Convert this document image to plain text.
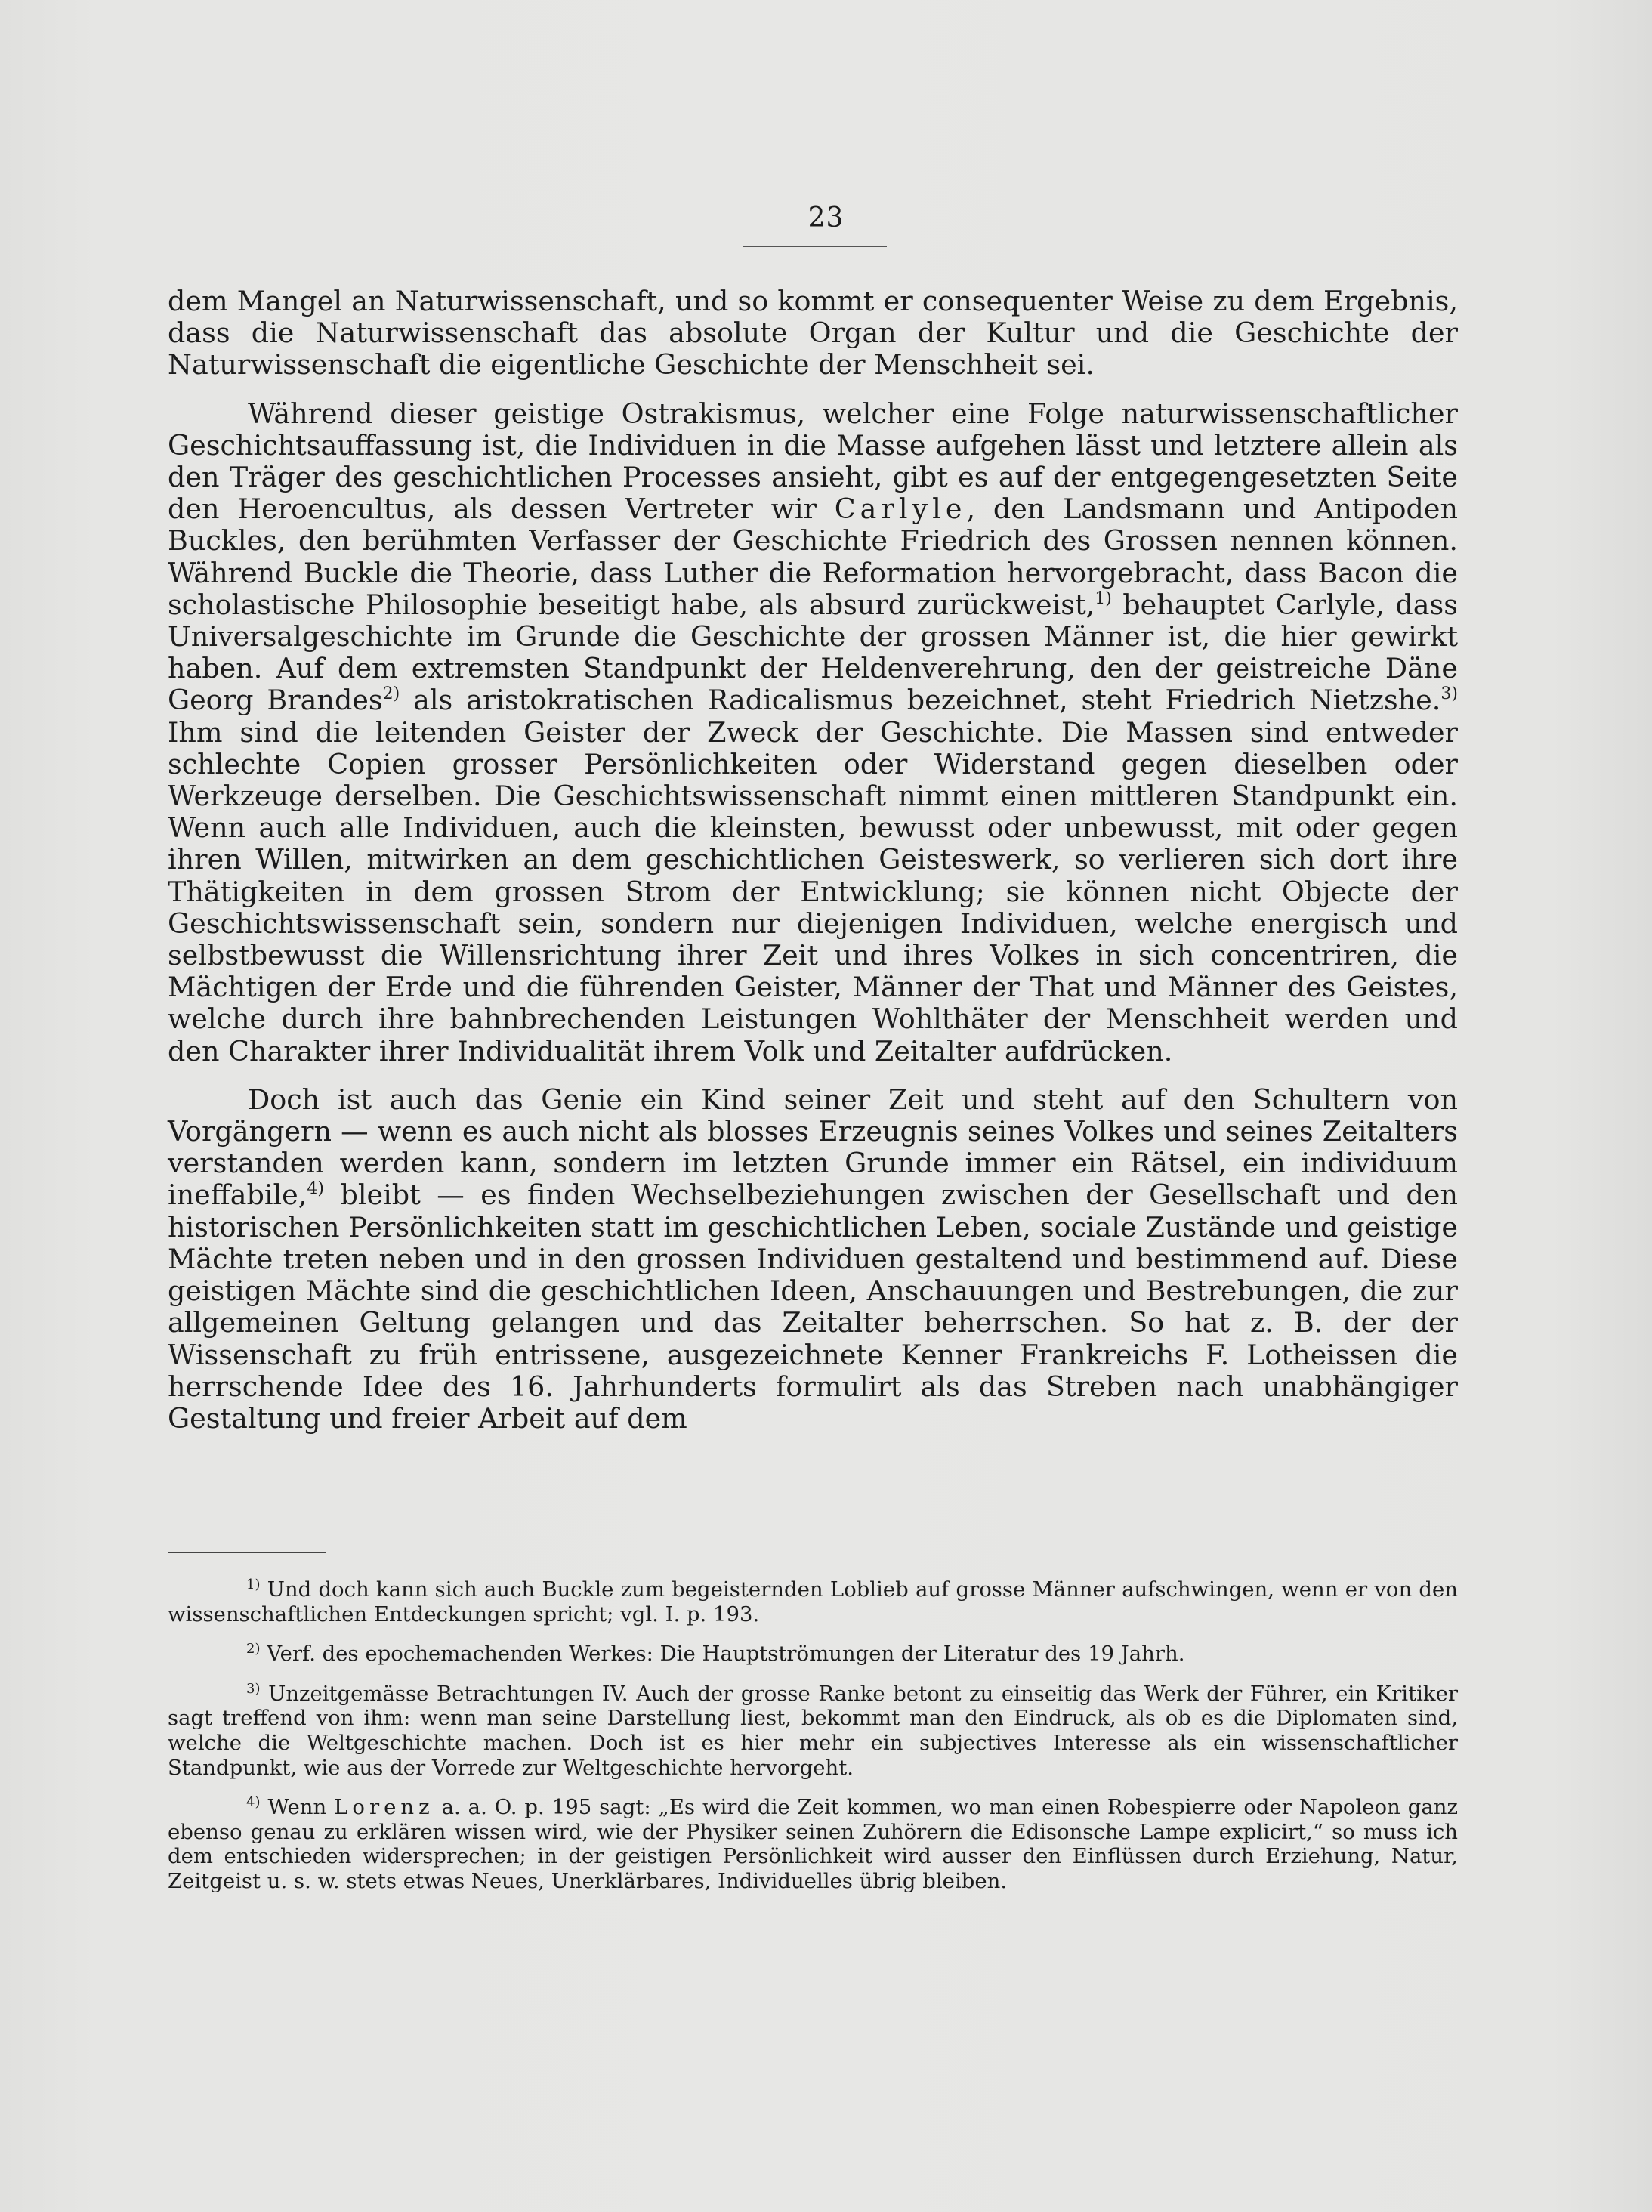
23

dem Mangel an Naturwissenschaft, und so kommt er consequenter Weise zu dem Ergebnis, dass die Naturwissenschaft das absolute Organ der Kultur und die Geschichte der Naturwissenschaft die eigentliche Geschichte der Menschheit sei.

Während dieser geistige Ostrakismus, welcher eine Folge naturwissenschaftlicher Geschichtsauffassung ist, die Individuen in die Masse aufgehen lässt und letztere allein als den Träger des geschichtlichen Processes ansieht, gibt es auf der entgegengesetzten Seite den Heroencultus, als dessen Vertreter wir Carlyle, den Landsmann und Antipoden Buckles, den berühmten Verfasser der Geschichte Friedrich des Grossen nennen können. Während Buckle die Theorie, dass Luther die Reformation hervorgebracht, dass Bacon die scholastische Philosophie beseitigt habe, als absurd zurückweist,$^{1)}$ behauptet Carlyle, dass Universalgeschichte im Grunde die Geschichte der grossen Männer ist, die hier gewirkt haben. Auf dem extremsten Standpunkt der Heldenverehrung, den der geistreiche Däne Georg Brandes$^{2)}$ als aristokratischen Radicalismus bezeichnet, steht Friedrich Nietzshe.$^{3)}$ Ihm sind die leitenden Geister der Zweck der Geschichte. Die Massen sind entweder schlechte Copien grosser Persönlichkeiten oder Widerstand gegen dieselben oder Werkzeuge derselben. Die Geschichtswissenschaft nimmt einen mittleren Standpunkt ein. Wenn auch alle Individuen, auch die kleinsten, bewusst oder unbewusst, mit oder gegen ihren Willen, mitwirken an dem geschichtlichen Geisteswerk, so verlieren sich dort ihre Thätigkeiten in dem grossen Strom der Entwicklung; sie können nicht Objecte der Geschichtswissenschaft sein, sondern nur diejenigen Individuen, welche energisch und selbstbewusst die Willensrichtung ihrer Zeit und ihres Volkes in sich concentriren, die Mächtigen der Erde und die führenden Geister, Männer der That und Männer des Geistes, welche durch ihre bahnbrechenden Leistungen Wohlthäter der Menschheit werden und den Charakter ihrer Individualität ihrem Volk und Zeitalter aufdrücken.

Doch ist auch das Genie ein Kind seiner Zeit und steht auf den Schultern von Vorgängern — wenn es auch nicht als blosses Erzeugnis seines Volkes und seines Zeitalters verstanden werden kann, sondern im letzten Grunde immer ein Rätsel, ein individuum ineffabile,$^{4)}$ bleibt — es finden Wechselbeziehungen zwischen der Gesellschaft und den historischen Persönlichkeiten statt im geschichtlichen Leben, sociale Zustände und geistige Mächte treten neben und in den grossen Individuen gestaltend und bestimmend auf. Diese geistigen Mächte sind die geschichtlichen Ideen, Anschauungen und Bestrebungen, die zur allgemeinen Geltung gelangen und das Zeitalter beherrschen. So hat z. B. der der Wissenschaft zu früh entrissene, ausgezeichnete Kenner Frankreichs F. Lotheissen die herrschende Idee des 16. Jahrhunderts formulirt als das Streben nach unabhängiger Gestaltung und freier Arbeit auf dem

$^{1)}$ Und doch kann sich auch Buckle zum begeisternden Loblieb auf grosse Männer aufschwingen, wenn er von den wissenschaftlichen Entdeckungen spricht; vgl. I. p. 193.
$^{2)}$ Verf. des epochemachenden Werkes: Die Hauptströmungen der Literatur des 19 Jahrh.
$^{3)}$ Unzeitgemässe Betrachtungen IV. Auch der grosse Ranke betont zu einseitig das Werk der Führer, ein Kritiker sagt treffend von ihm: wenn man seine Darstellung liest, bekommt man den Eindruck, als ob es die Diplomaten sind, welche die Weltgeschichte machen. Doch ist es hier mehr ein subjectives Interesse als ein wissenschaftlicher Standpunkt, wie aus der Vorrede zur Weltgeschichte hervorgeht.
$^{4)}$ Wenn Lorenz a. a. O. p. 195 sagt: „Es wird die Zeit kommen, wo man einen Robespierre oder Napoleon ganz ebenso genau zu erklären wissen wird, wie der Physiker seinen Zuhörern die Edisonsche Lampe explicirt,“ so muss ich dem entschieden widersprechen; in der geistigen Persönlichkeit wird ausser den Einflüssen durch Erziehung, Natur, Zeitgeist u. s. w. stets etwas Neues, Unerklärbares, Individuelles übrig bleiben.
